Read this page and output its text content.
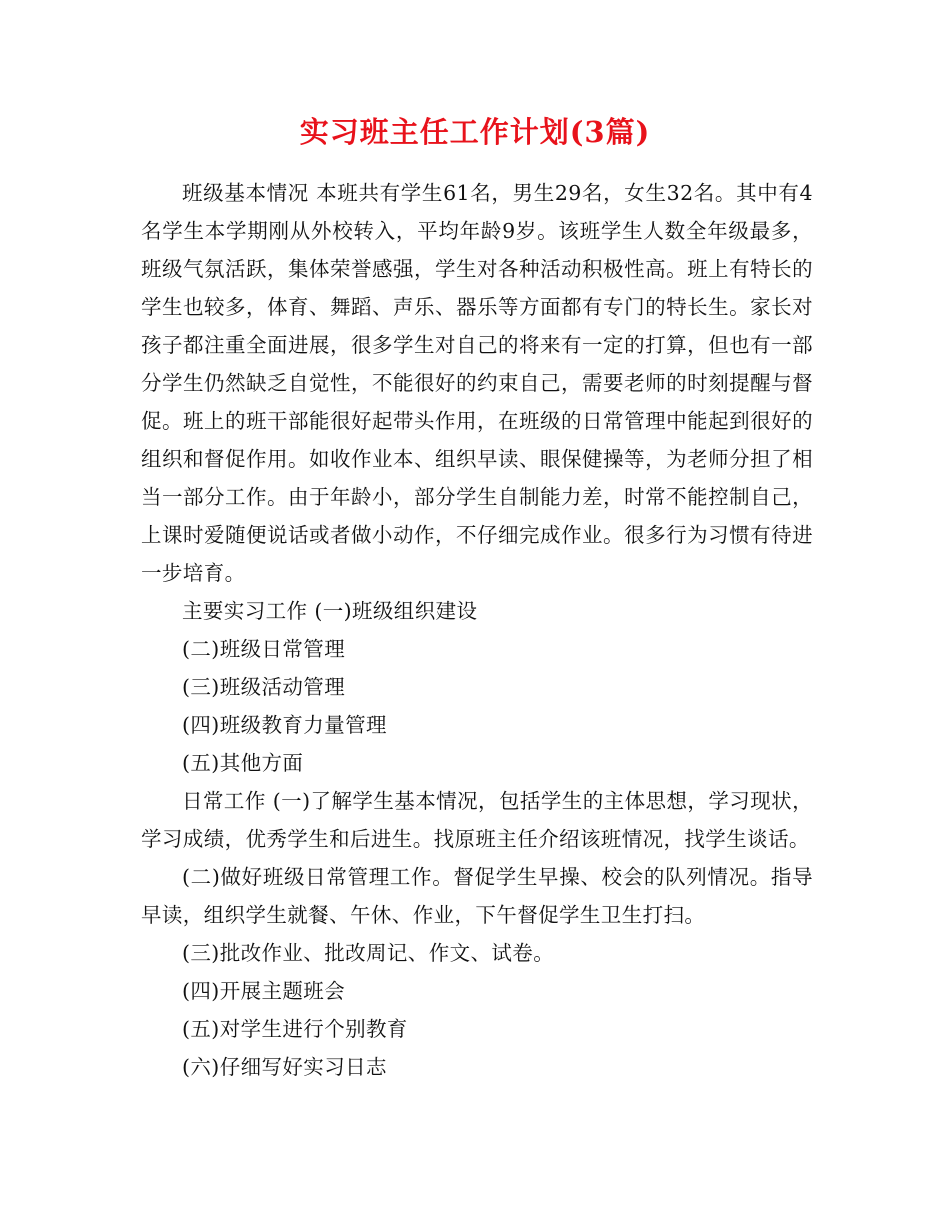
实习班主任工作计划(3篇)

班级基本情况 本班共有学生61名，男生29名，女生32名。其中有4名学生本学期刚从外校转入，平均年龄9岁。该班学生人数全年级最多，班级气氛活跃，集体荣誉感强，学生对各种活动积极性高。班上有特长的学生也较多，体育、舞蹈、声乐、器乐等方面都有专门的特长生。家长对孩子都注重全面进展，很多学生对自己的将来有一定的打算，但也有一部分学生仍然缺乏自觉性，不能很好的约束自己，需要老师的时刻提醒与督促。班上的班干部能很好起带头作用，在班级的日常管理中能起到很好的组织和督促作用。如收作业本、组织早读、眼保健操等，为老师分担了相当一部分工作。由于年龄小，部分学生自制能力差，时常不能控制自己，上课时爱随便说话或者做小动作，不仔细完成作业。很多行为习惯有待进一步培育。

主要实习工作 (一)班级组织建设

(二)班级日常管理

(三)班级活动管理

(四)班级教育力量管理

(五)其他方面

日常工作 (一)了解学生基本情况，包括学生的主体思想，学习现状，学习成绩，优秀学生和后进生。找原班主任介绍该班情况，找学生谈话。

(二)做好班级日常管理工作。督促学生早操、校会的队列情况。指导早读，组织学生就餐、午休、作业，下午督促学生卫生打扫。

(三)批改作业、批改周记、作文、试卷。

(四)开展主题班会

(五)对学生进行个别教育

(六)仔细写好实习日志
